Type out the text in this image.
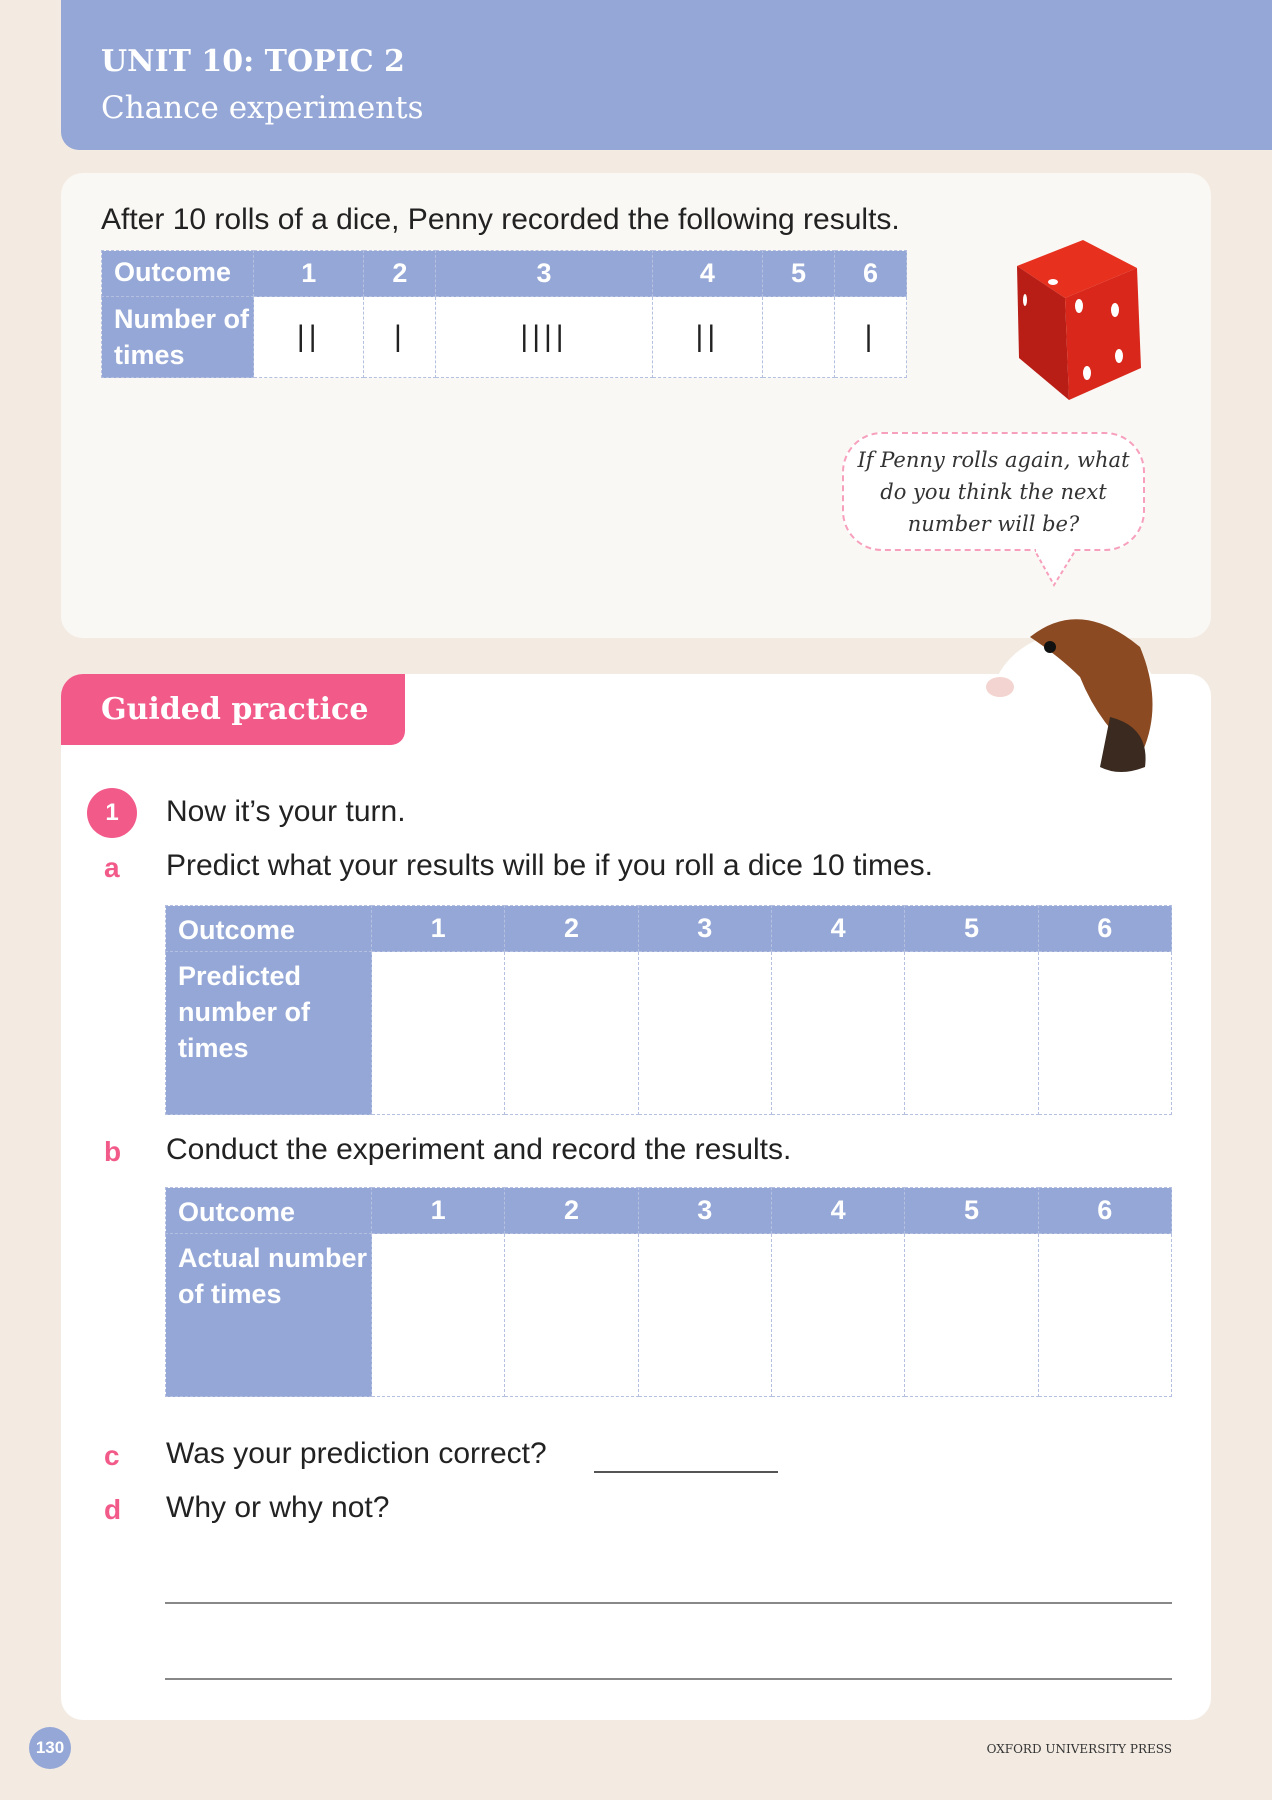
UNIT 10: TOPIC 2
Chance experiments
After 10 rolls of a dice, Penny recorded the following results.
Outcome	1	2	3	4	5	6
Number of times	||	|	||||	||		|
If Penny rolls again, what do you think the next number will be?
Guided practice
1	Now it’s your turn.
a Predict what your results will be if you roll a dice 10 times.
Outcome	1	2	3	4	5	6
Predicted number of times						
b Conduct the experiment and record the results.
Outcome	1	2	3	4	5	6
Actual number of times						
c Was your prediction correct?
d Why or why not?
130	OXFORD UNIVERSITY PRESS
